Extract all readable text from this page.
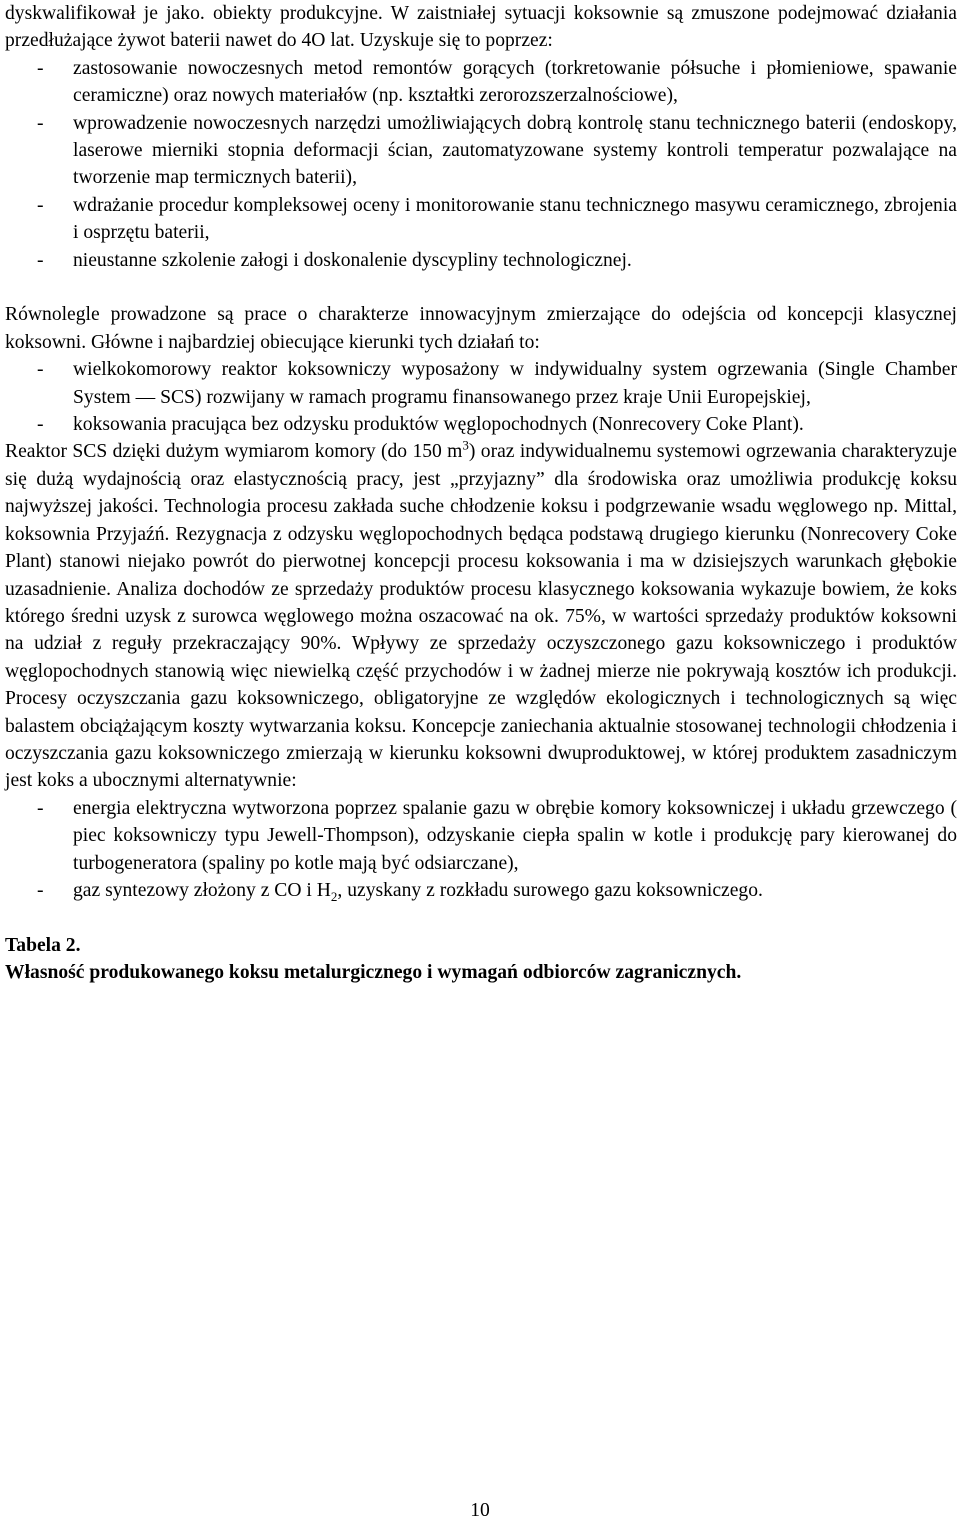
dyskwalifikował je jako. obiekty produkcyjne. W zaistniałej sytuacji koksownie są zmuszone podejmować działania przedłużające żywot baterii nawet do 4O lat. Uzyskuje się to poprzez:

- zastosowanie nowoczesnych metod remontów gorących (torkretowanie półsuche i płomieniowe, spawanie ceramiczne) oraz nowych materiałów (np. kształtki zerorozszerzalnościowe),
- wprowadzenie nowoczesnych narzędzi umożliwiających dobrą kontrolę stanu technicznego baterii (endoskopy, laserowe mierniki stopnia deformacji ścian, zautomatyzowane systemy kontroli temperatur pozwalające na tworzenie map termicznych baterii),
- wdrażanie procedur kompleksowej oceny i monitorowanie stanu technicznego masywu ceramicznego, zbrojenia i osprzętu baterii,
- nieustanne szkolenie załogi i doskonalenie dyscypliny technologicznej.

Równolegle prowadzone są prace o charakterze innowacyjnym zmierzające do odejścia od koncepcji klasycznej koksowni. Główne i najbardziej obiecujące kierunki tych działań to:

- wielkokomorowy reaktor koksowniczy wyposażony w indywidualny system ogrzewania (Single Chamber System — SCS) rozwijany w ramach programu finansowanego przez kraje Unii Europejskiej,
- koksowania pracująca bez odzysku produktów węglopochodnych (Nonrecovery Coke Plant).

Reaktor SCS dzięki dużym wymiarom komory (do 150 $m^3$) oraz indywidualnemu systemowi ogrzewania charakteryzuje się dużą wydajnością oraz elastycznością pracy, jest „przyjazny” dla środowiska oraz umożliwia produkcję koksu najwyższej jakości. Technologia procesu zakłada suche chłodzenie koksu i podgrzewanie wsadu węglowego np. Mittal, koksownia Przyjaźń. Rezygnacja z odzysku węglopochodnych będąca podstawą drugiego kierunku (Nonrecovery Coke Plant) stanowi niejako powrót do pierwotnej koncepcji procesu koksowania i ma w dzisiejszych warunkach głębokie uzasadnienie. Analiza dochodów ze sprzedaży produktów procesu klasycznego koksowania wykazuje bowiem, że koks którego średni uzysk z surowca węglowego można oszacować na ok. 75%, w wartości sprzedaży produktów koksowni na udział z reguły przekraczający 90%. Wpływy ze sprzedaży oczyszczonego gazu koksowniczego i produktów węglopochodnych stanowią więc niewielką część przychodów i w żadnej mierze nie pokrywają kosztów ich produkcji. Procesy oczyszczania gazu koksowniczego, obligatoryjne ze względów ekologicznych i technologicznych są więc balastem obciążającym koszty wytwarzania koksu. Koncepcje zaniechania aktualnie stosowanej technologii chłodzenia i oczyszczania gazu koksowniczego zmierzają w kierunku koksowni dwuproduktowej, w której produktem zasadniczym jest koks a ubocznymi alternatywnie:

- energia elektryczna wytworzona poprzez spalanie gazu w obrębie komory koksowniczej i układu grzewczego ( piec koksowniczy typu Jewell-Thompson), odzyskanie ciepła spalin w kotle i produkcję pary kierowanej do turbogeneratora (spaliny po kotle mają być odsiarczane),
- gaz syntezowy złożony z CO i $H_2$, uzyskany z rozkładu surowego gazu koksowniczego.

Tabela 2.

Własność produkowanego koksu metalurgicznego i wymagań odbiorców zagranicznych.

10
